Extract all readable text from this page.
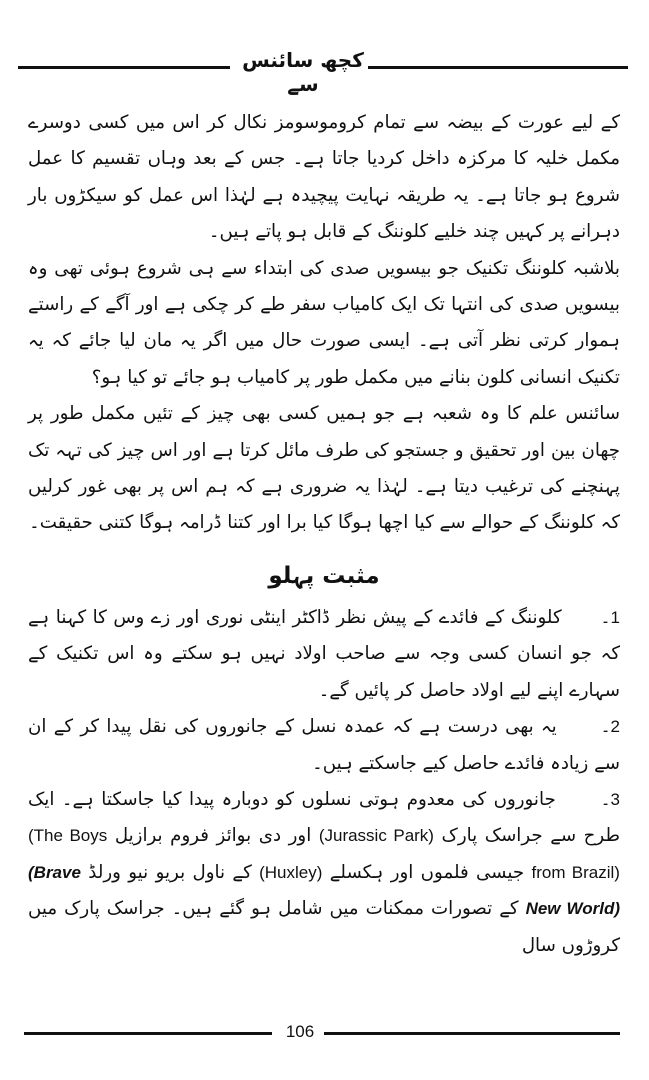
کچھ سائنس سے

کے لیے عورت کے بیضہ سے تمام کروموسومز نکال کر اس میں کسی دوسرے مکمل خلیہ کا مرکزہ داخل کردیا جاتا ہے۔ جس کے بعد وہاں تقسیم کا عمل شروع ہو جاتا ہے۔ یہ طریقہ نہایت پیچیدہ ہے لہٰذا اس عمل کو سیکڑوں بار دہرانے پر کہیں چند خلیے کلوننگ کے قابل ہو پاتے ہیں۔

بلاشبہ کلوننگ تکنیک جو بیسویں صدی کی ابتداء سے ہی شروع ہوئی تھی وہ بیسویں صدی کی انتہا تک ایک کامیاب سفر طے کر چکی ہے اور آگے کے راستے ہموار کرتی نظر آتی ہے۔ ایسی صورت حال میں اگر یہ مان لیا جائے کہ یہ تکنیک انسانی کلون بنانے میں مکمل طور پر کامیاب ہو جائے تو کیا ہو؟

سائنس علم کا وہ شعبہ ہے جو ہمیں کسی بھی چیز کے تئیں مکمل طور پر چھان بین اور تحقیق و جستجو کی طرف مائل کرتا ہے اور اس چیز کی تہہ تک پہنچنے کی ترغیب دیتا ہے۔ لہٰذا یہ ضروری ہے کہ ہم اس پر بھی غور کرلیں کہ کلوننگ کے حوالے سے کیا اچھا ہوگا کیا برا اور کتنا ڈرامہ ہوگا کتنی حقیقت۔

مثبت پہلو

1۔      کلوننگ کے فائدے کے پیش نظر ڈاکٹر اینٹی نوری اور زے وس کا کہنا ہے کہ جو انسان کسی وجہ سے صاحب اولاد نہیں ہو سکتے وہ اس تکنیک کے سہارے اپنے لیے اولاد حاصل کر پائیں گے۔

2۔      یہ بھی درست ہے کہ عمدہ نسل کے جانوروں کی نقل پیدا کر کے ان سے زیادہ فائدے حاصل کیے جاسکتے ہیں۔

3۔      جانوروں کی معدوم ہوتی نسلوں کو دوبارہ پیدا کیا جاسکتا ہے۔ ایک طرح سے جراسک پارک (Jurassic Park) اور دی بوائز فروم برازیل (The Boys from Brazil) جیسی فلموں اور ہکسلے (Huxley) کے ناول بریو نیو ورلڈ (Brave New World) کے تصورات ممکنات میں شامل ہو گئے ہیں۔ جراسک پارک میں کروڑوں سال

106
